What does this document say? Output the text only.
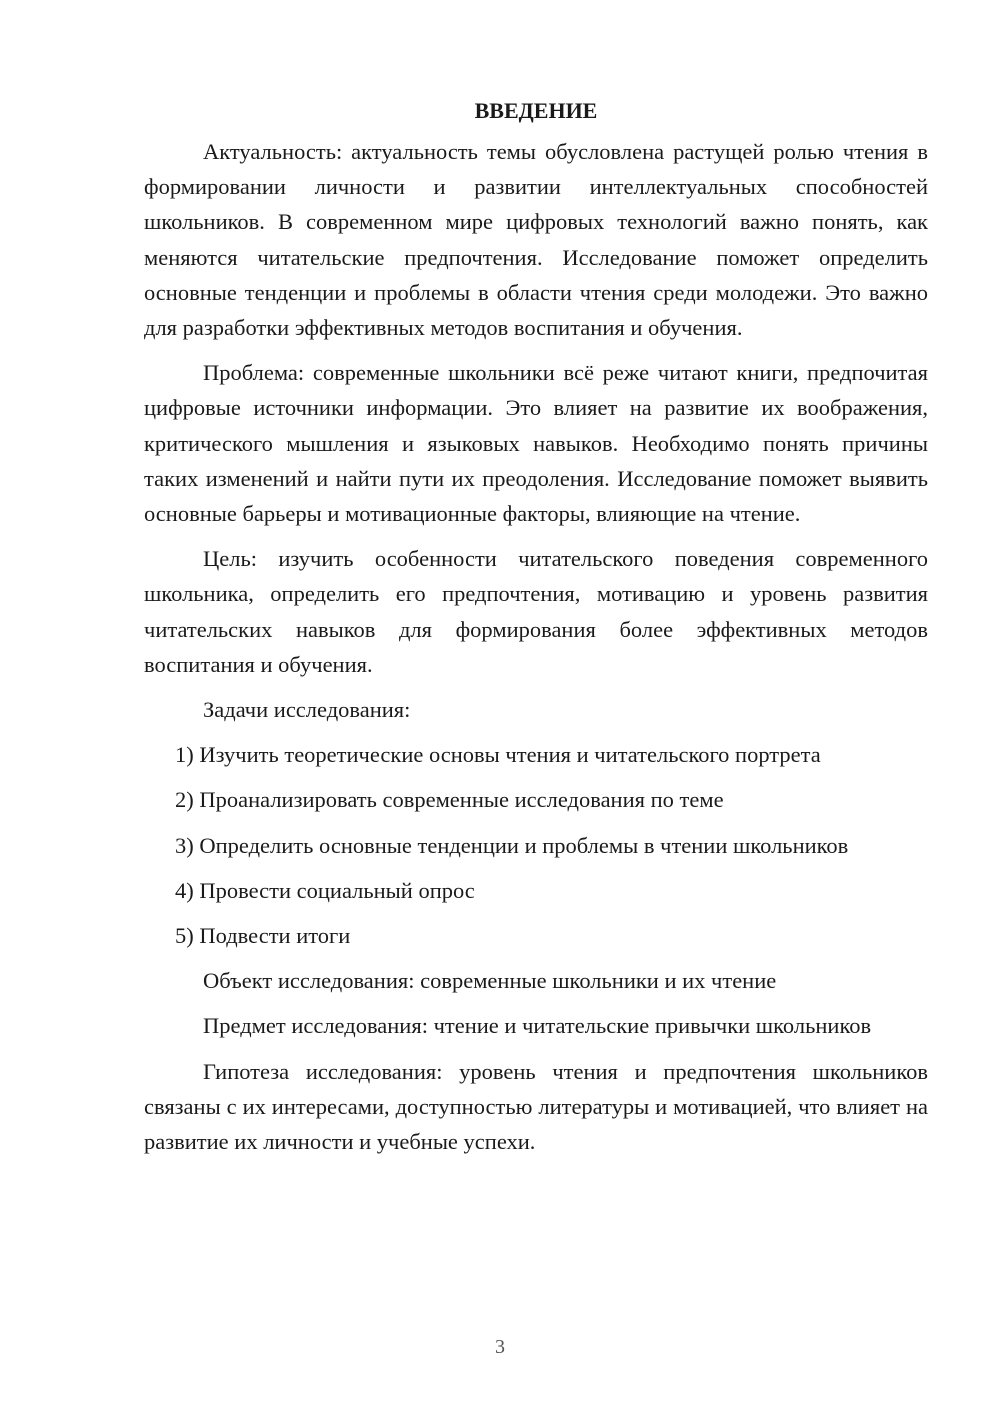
ВВЕДЕНИЕ

Актуальность: актуальность темы обусловлена растущей ролью чтения в формировании личности и развитии интеллектуальных способностей школьников. В современном мире цифровых технологий важно понять, как меняются читательские предпочтения. Исследование поможет определить основные тенденции и проблемы в области чтения среди молодежи. Это важно для разработки эффективных методов воспитания и обучения.

Проблема: современные школьники всё реже читают книги, предпочитая цифровые источники информации. Это влияет на развитие их воображения, критического мышления и языковых навыков. Необходимо понять причины таких изменений и найти пути их преодоления. Исследование поможет выявить основные барьеры и мотивационные факторы, влияющие на чтение.

Цель: изучить особенности читательского поведения современного школьника, определить его предпочтения, мотивацию и уровень развития читательских навыков для формирования более эффективных методов воспитания и обучения.

Задачи исследования:

1) Изучить теоретические основы чтения и читательского портрета
2) Проанализировать современные исследования по теме
3) Определить основные тенденции и проблемы в чтении школьников
4) Провести социальный опрос
5) Подвести итоги

Объект исследования: современные школьники и их чтение

Предмет исследования: чтение и читательские привычки школьников

Гипотеза исследования: уровень чтения и предпочтения школьников связаны с их интересами, доступностью литературы и мотивацией, что влияет на развитие их личности и учебные успехи.

3
